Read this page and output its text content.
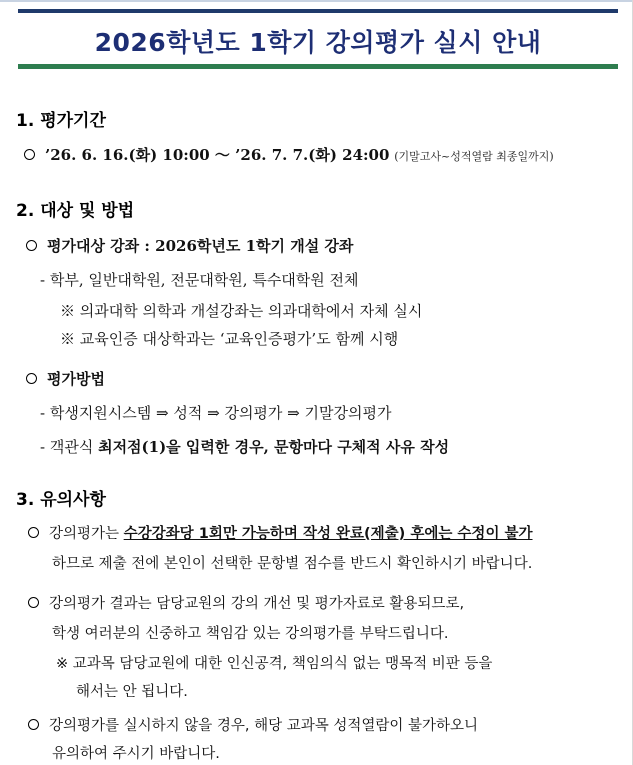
2026학년도 1학기 강의평가 실시 안내
1. 평가기간
’26. 6. 16.(화) 10:00 ～ ’26. 7. 7.(화) 24:00 (기말고사~성적열람 최종일까지)
2. 대상 및 방법
평가대상 강좌 : 2026학년도 1학기 개설 강좌
- 학부, 일반대학원, 전문대학원, 특수대학원 전체
※ 의과대학 의학과 개설강좌는 의과대학에서 자체 실시
※ 교육인증 대상학과는 ‘교육인증평가’도 함께 시행
평가방법
- 학생지원시스템 ⇒ 성적 ⇒ 강의평가 ⇒ 기말강의평가
- 객관식 최저점(1)을 입력한 경우, 문항마다 구체적 사유 작성
3. 유의사항
강의평가는 수강강좌당 1회만 가능하며 작성 완료(제출) 후에는 수정이 불가
하므로 제출 전에 본인이 선택한 문항별 점수를 반드시 확인하시기 바랍니다.
강의평가 결과는 담당교원의 강의 개선 및 평가자료로 활용되므로,
학생 여러분의 신중하고 책임감 있는 강의평가를 부탁드립니다.
※ 교과목 담당교원에 대한 인신공격, 책임의식 없는 맹목적 비판 등을
해서는 안 됩니다.
강의평가를 실시하지 않을 경우, 해당 교과목 성적열람이 불가하오니
유의하여 주시기 바랍니다.
